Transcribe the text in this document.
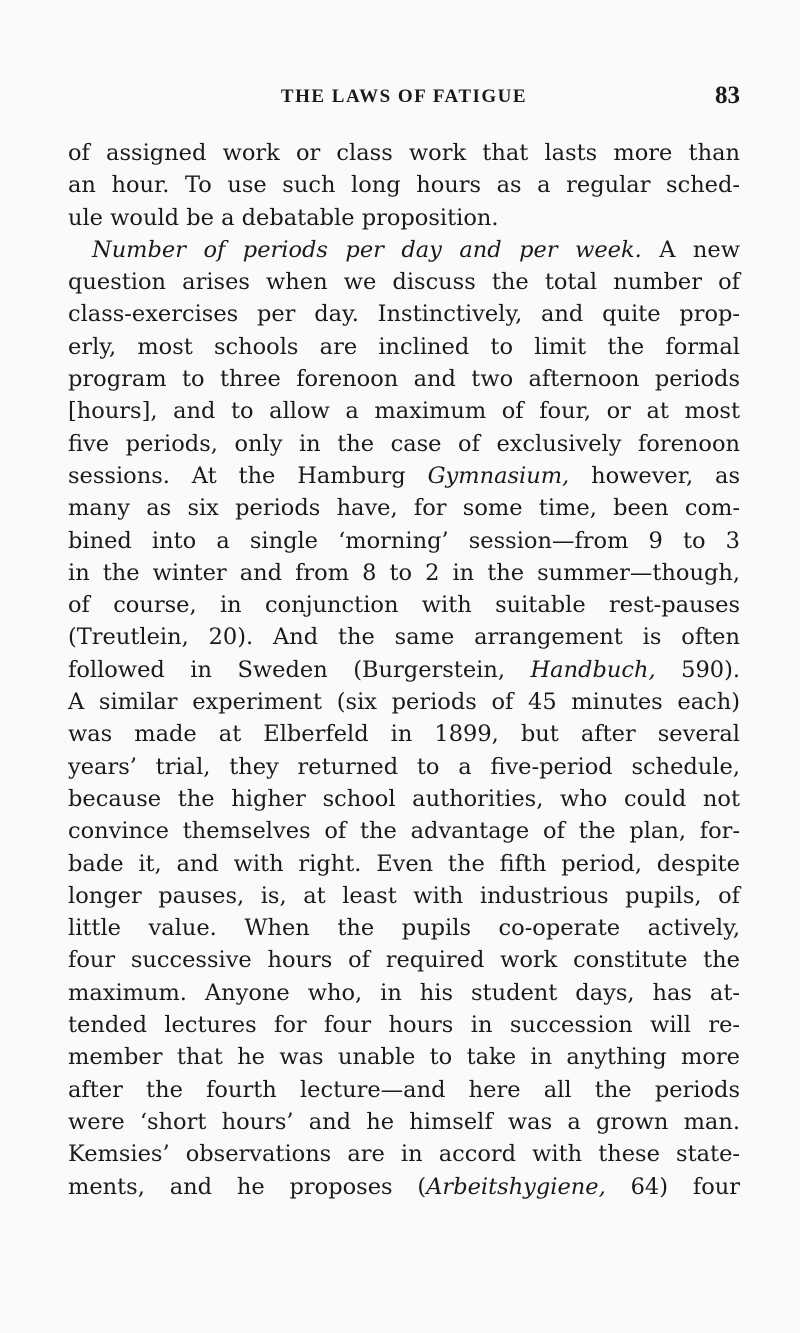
THE LAWS OF FATIGUE	83
of assigned work or class work that lasts more than
an hour. To use such long hours as a regular sched-
ule would be a debatable proposition.
Number of periods per day and per week. A new
question arises when we discuss the total number of
class-exercises per day. Instinctively, and quite prop-
erly, most schools are inclined to limit the formal
program to three forenoon and two afternoon periods
[hours], and to allow a maximum of four, or at most
five periods, only in the case of exclusively forenoon
sessions. At the Hamburg Gymnasium, however, as
many as six periods have, for some time, been com-
bined into a single ‘morning’ session—from 9 to 3
in the winter and from 8 to 2 in the summer—though,
of course, in conjunction with suitable rest-pauses
(Treutlein, 20). And the same arrangement is often
followed in Sweden (Burgerstein, Handbuch, 590).
A similar experiment (six periods of 45 minutes each)
was made at Elberfeld in 1899, but after several
years’ trial, they returned to a five-period schedule,
because the higher school authorities, who could not
convince themselves of the advantage of the plan, for-
bade it, and with right. Even the fifth period, despite
longer pauses, is, at least with industrious pupils, of
little value. When the pupils co-operate actively,
four successive hours of required work constitute the
maximum. Anyone who, in his student days, has at-
tended lectures for four hours in succession will re-
member that he was unable to take in anything more
after the fourth lecture—and here all the periods
were ‘short hours’ and he himself was a grown man.
Kemsies’ observations are in accord with these state-
ments, and he proposes (Arbeitshygiene, 64) four
